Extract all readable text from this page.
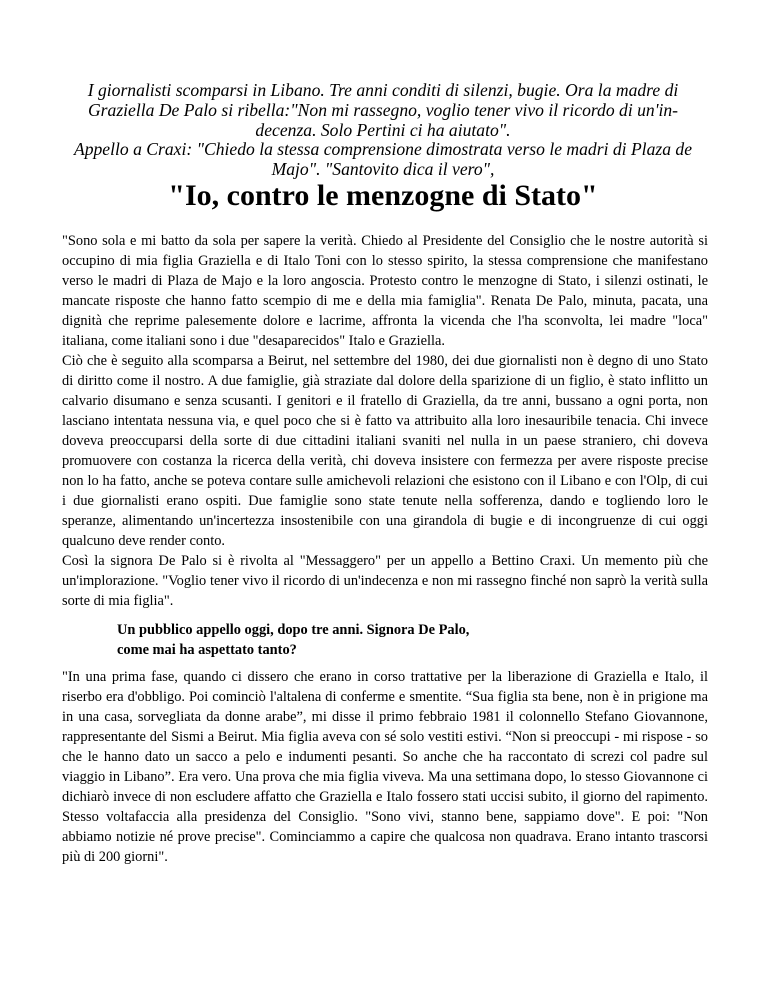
I giornalisti scomparsi in Libano. Tre anni conditi di silenzi, bugie. Ora la madre di Graziella De Palo si ribella:"Non mi rassegno, voglio tener vivo il ricordo di un'indecenza. Solo Pertini ci ha aiutato".

Appello a Craxi: "Chiedo la stessa comprensione dimostrata verso le madri di Plaza de Majo". "Santovito dica il vero",

"Io, contro le menzogne di Stato"

"Sono sola e mi batto da sola per sapere la verità. Chiedo al Presidente del Consiglio che le nostre autorità si occupino di mia figlia Graziella e di Italo Toni con lo stesso spirito, la stessa comprensione che manifestano verso le madri di Plaza de Majo e la loro angoscia. Protesto contro le menzogne di Stato, i silenzi ostinati, le mancate risposte che hanno fatto scempio di me e della mia famiglia". Renata De Palo, minuta, pacata, una dignità che reprime palesemente dolore e lacrime, affronta la vicenda che l'ha sconvolta, lei madre "loca" italiana, come italiani sono i due "desaparecidos" Italo e Graziella.

Ciò che è seguito alla scomparsa a Beirut, nel settembre del 1980, dei due giornalisti non è degno di uno Stato di diritto come il nostro. A due famiglie, già straziate dal dolore della sparizione di un figlio, è stato inflitto un calvario disumano e senza scusanti. I genitori e il fratello di Graziella, da tre anni, bussano a ogni porta, non lasciano intentata nessuna via, e quel poco che si è fatto va attribuito alla loro inesauribile tenacia. Chi invece doveva preoccuparsi della sorte di due cittadini italiani svaniti nel nulla in un paese straniero, chi doveva promuovere con costanza la ricerca della verità, chi doveva insistere con fermezza per avere risposte precise non lo ha fatto, anche se poteva contare sulle amichevoli relazioni che esistono con il Libano e con l'Olp, di cui i due giornalisti erano ospiti. Due famiglie sono state tenute nella sofferenza, dando e togliendo loro le speranze, alimentando un'incertezza insostenibile con una girandola di bugie e di incongruenze di cui oggi qualcuno deve render conto.

Così la signora De Palo si è rivolta al "Messaggero" per un appello a Bettino Craxi. Un memento più che un'implorazione. "Voglio tener vivo il ricordo di un'indecenza e non mi rassegno finché non saprò la verità sulla sorte di mia figlia".

Un pubblico appello oggi, dopo tre anni. Signora De Palo, come mai ha aspettato tanto?

"In una prima fase, quando ci dissero che erano in corso trattative per la liberazione di Graziella e Italo, il riserbo era d'obbligo. Poi cominciò l'altalena di conferme e smentite. “Sua figlia sta bene, non è in prigione ma in una casa, sorvegliata da donne arabe”, mi disse il primo febbraio 1981 il colonnello Stefano Giovannone, rappresentante del Sismi a Beirut. Mia figlia aveva con sé solo vestiti estivi. “Non si preoccupi - mi rispose - so che le hanno dato un sacco a pelo e indumenti pesanti. So anche che ha raccontato di screzi col padre sul viaggio in Libano”. Era vero. Una prova che mia figlia viveva. Ma una settimana dopo, lo stesso Giovannone ci dichiarò invece di non escludere affatto che Graziella e Italo fossero stati uccisi subito, il giorno del rapimento. Stesso voltafaccia alla presidenza del Consiglio. "Sono vivi, stanno bene, sappiamo dove". E poi: "Non abbiamo notizie né prove precise". Cominciammo a capire che qualcosa non quadrava. Erano intanto trascorsi più di 200 giorni".
